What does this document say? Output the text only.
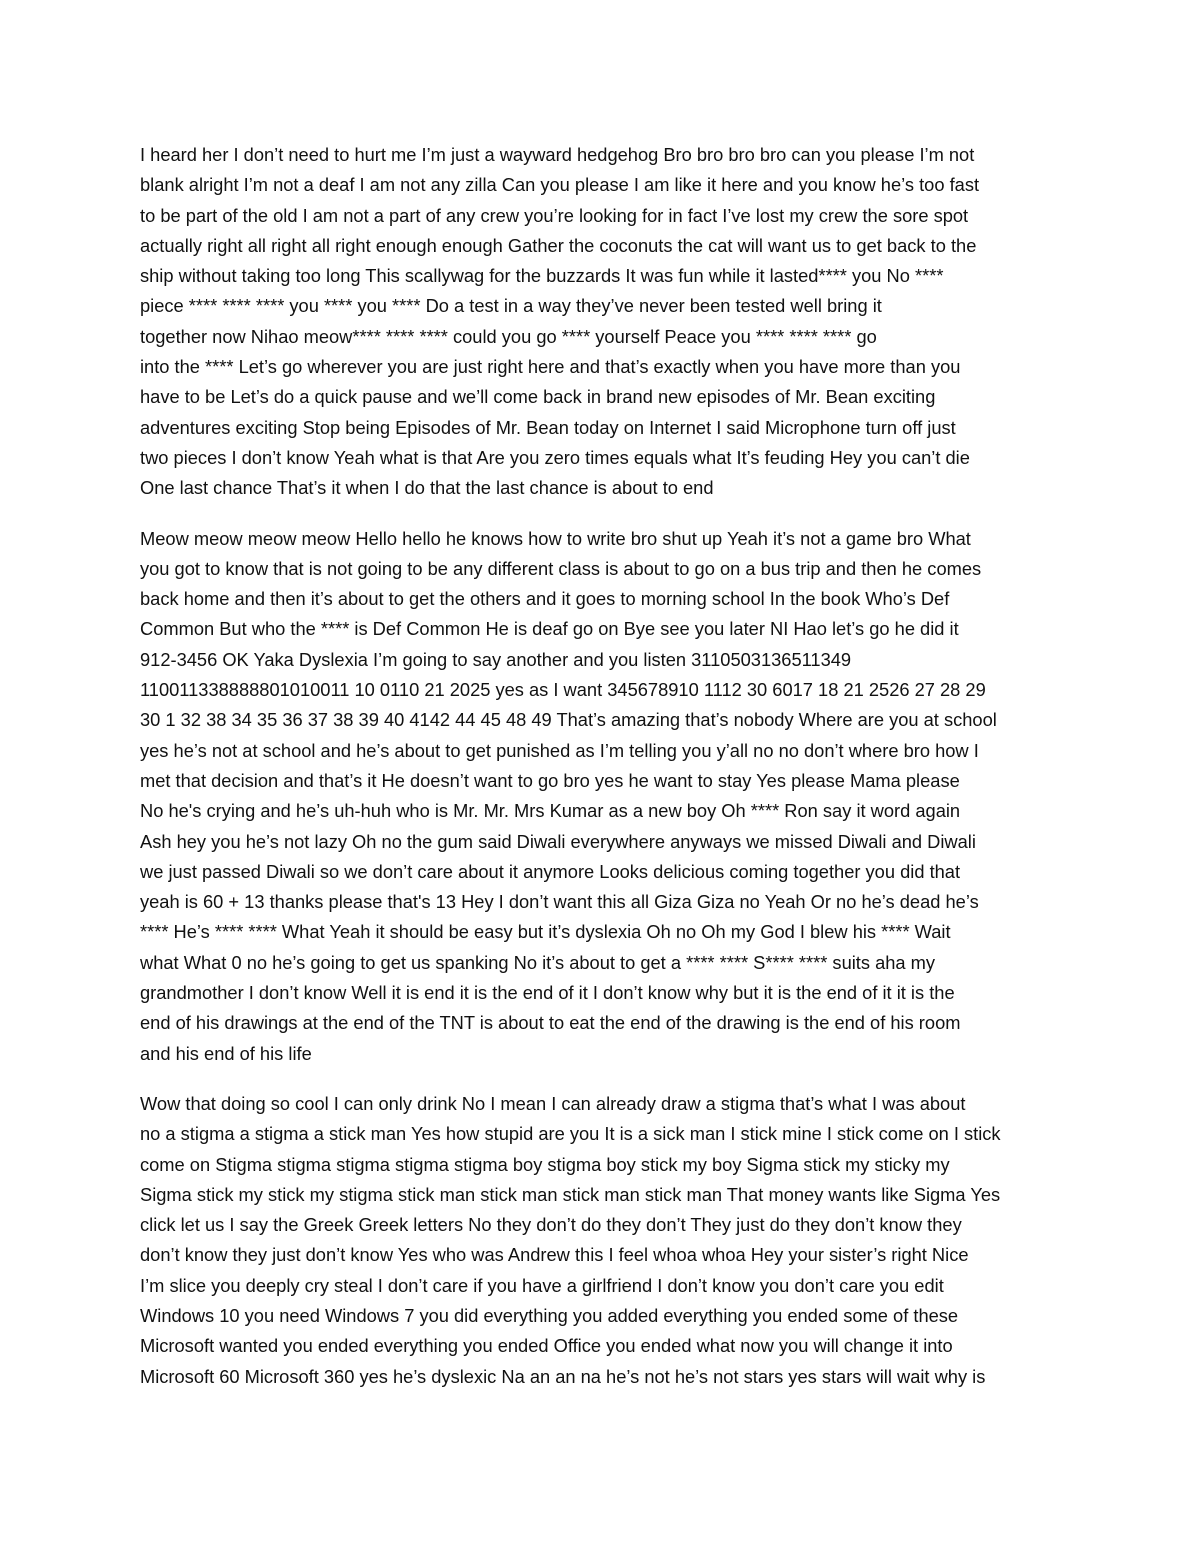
I heard her I don’t need to hurt me I’m just a wayward hedgehog Bro bro bro bro can you please I’m not
blank alright I’m not a deaf I am not any zilla Can you please I am like it here and you know he’s too fast
to be part of the old I am not a part of any crew you’re looking for in fact I’ve lost my crew the sore spot
actually right all right all right enough enough Gather the coconuts the cat will want us to get back to the
ship without taking too long This scallywag for the buzzards It was fun while it lasted**** you No ****
piece **** **** **** you **** you **** Do a test in a way they’ve never been tested well bring it
together now Nihao meow**** **** **** could you go **** yourself Peace you **** **** **** go
into the **** Let’s go wherever you are just right here and that’s exactly when you have more than you
have to be Let’s do a quick pause and we’ll come back in brand new episodes of Mr. Bean exciting
adventures exciting Stop being Episodes of Mr. Bean today on Internet I said Microphone turn off just
two pieces I don’t know Yeah what is that Are you zero times equals what It’s feuding Hey you can’t die
One last chance That’s it when I do that the last chance is about to end
Meow meow meow meow Hello hello he knows how to write bro shut up Yeah it’s not a game bro What
you got to know that is not going to be any different class is about to go on a bus trip and then he comes
back home and then it’s about to get the others and it goes to morning school In the book Who’s Def
Common But who the **** is Def Common He is deaf go on Bye see you later NI Hao let’s go he did it
912-3456 OK Yaka Dyslexia I’m going to say another and you listen 3110503136511349
110011338888801010011 10 0110 21 2025 yes as I want 345678910 1112 30 6017 18 21 2526 27 28 29
30 1 32 38 34 35 36 37 38 39 40 4142 44 45 48 49 That’s amazing that’s nobody Where are you at school
yes he’s not at school and he’s about to get punished as I’m telling you y’all no no don’t where bro how I
met that decision and that’s it He doesn’t want to go bro yes he want to stay Yes please Mama please
No he's crying and he’s uh-huh who is Mr. Mr. Mrs Kumar as a new boy Oh **** Ron say it word again
Ash hey you he’s not lazy Oh no the gum said Diwali everywhere anyways we missed Diwali and Diwali
we just passed Diwali so we don’t care about it anymore Looks delicious coming together you did that
yeah is 60 + 13 thanks please that's 13 Hey I don’t want this all Giza Giza no Yeah Or no he’s dead he’s
**** He’s **** **** What Yeah it should be easy but it’s dyslexia Oh no Oh my God I blew his **** Wait
what What 0 no he’s going to get us spanking No it’s about to get a **** **** S**** **** suits aha my
grandmother I don’t know Well it is end it is the end of it I don’t know why but it is the end of it it is the
end of his drawings at the end of the TNT is about to eat the end of the drawing is the end of his room
and his end of his life
Wow that doing so cool I can only drink No I mean I can already draw a stigma that’s what I was about
no a stigma a stigma a stick man Yes how stupid are you It is a sick man I stick mine I stick come on I stick
come on Stigma stigma stigma stigma stigma boy stigma boy stick my boy Sigma stick my sticky my
Sigma stick my stick my stigma stick man stick man stick man stick man That money wants like Sigma Yes
click let us I say the Greek Greek letters No they don’t do they don’t They just do they don’t know they
don’t know they just don’t know Yes who was Andrew this I feel whoa whoa Hey your sister’s right Nice
I’m slice you deeply cry steal I don’t care if you have a girlfriend I don’t know you don’t care you edit
Windows 10 you need Windows 7 you did everything you added everything you ended some of these
Microsoft wanted you ended everything you ended Office you ended what now you will change it into
Microsoft 60 Microsoft 360 yes he’s dyslexic Na an an na he’s not he’s not stars yes stars will wait why is
